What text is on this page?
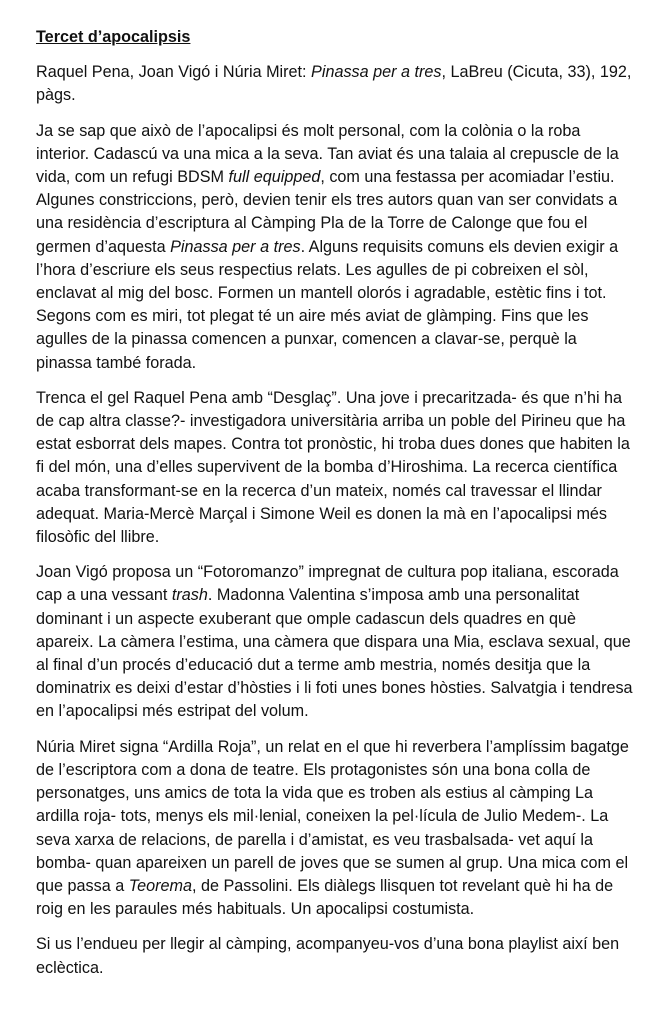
Tercet d’apocalipsis

Raquel Pena, Joan Vigó i Núria Miret: Pinassa per a tres, LaBreu (Cicuta, 33), 192, pàgs.

Ja se sap que això de l’apocalipsi és molt personal, com la colònia o la roba interior. Cadascú va una mica a la seva. Tan aviat és una talaia al crepuscle de la vida, com un refugi BDSM full equipped, com una festassa per acomiadar l’estiu. Algunes constriccions, però, devien tenir els tres autors quan van ser convidats a una residència d’escriptura al Càmping Pla de la Torre de Calonge que fou el germen d’aquesta Pinassa per a tres. Alguns requisits comuns els devien exigir a l’hora d’escriure els seus respectius relats. Les agulles de pi cobreixen el sòl, enclavat al mig del bosc. Formen un mantell olorós i agradable, estètic fins i tot. Segons com es miri, tot plegat té un aire més aviat de glàmping. Fins que les agulles de la pinassa comencen a punxar, comencen a clavar-se, perquè la pinassa també forada.

Trenca el gel Raquel Pena amb “Desglaç”. Una jove i precaritzada- és que n’hi ha de cap altra classe?- investigadora universitària arriba un poble del Pirineu que ha estat esborrat dels mapes. Contra tot pronòstic, hi troba dues dones que habiten la fi del món, una d’elles supervivent de la bomba d’Hiroshima. La recerca científica acaba transformant-se en la recerca d’un mateix, només cal travessar el llindar adequat. Maria-Mercè Marçal i Simone Weil es donen la mà en l’apocalipsi més filosòfic del llibre.

Joan Vigó proposa un “Fotoromanzo” impregnat de cultura pop italiana, escorada cap a una vessant trash. Madonna Valentina s’imposa amb una personalitat dominant i un aspecte exuberant que omple cadascun dels quadres en què apareix. La càmera l’estima, una càmera que dispara una Mia, esclava sexual, que al final d’un procés d’educació dut a terme amb mestria, només desitja que la dominatrix es deixi d’estar d’hòsties i li foti unes bones hòsties. Salvatgia i tendresa en l’apocalipsi més estripat del volum.

Núria Miret signa “Ardilla Roja”, un relat en el que hi reverbera l’amplíssim bagatge de l’escriptora com a dona de teatre. Els protagonistes són una bona colla de personatges, uns amics de tota la vida que es troben als estius al càmping La ardilla roja- tots, menys els mil·lenial, coneixen la pel·lícula de Julio Medem-. La seva xarxa de relacions, de parella i d’amistat, es veu trasbalsada- vet aquí la bomba- quan apareixen un parell de joves que se sumen al grup. Una mica com el que passa a Teorema, de Passolini. Els diàlegs llisquen tot revelant què hi ha de roig en les paraules més habituals. Un apocalipsi costumista.

Si us l’endueu per llegir al càmping, acompanyeu-vos d’una bona playlist així ben eclèctica.
